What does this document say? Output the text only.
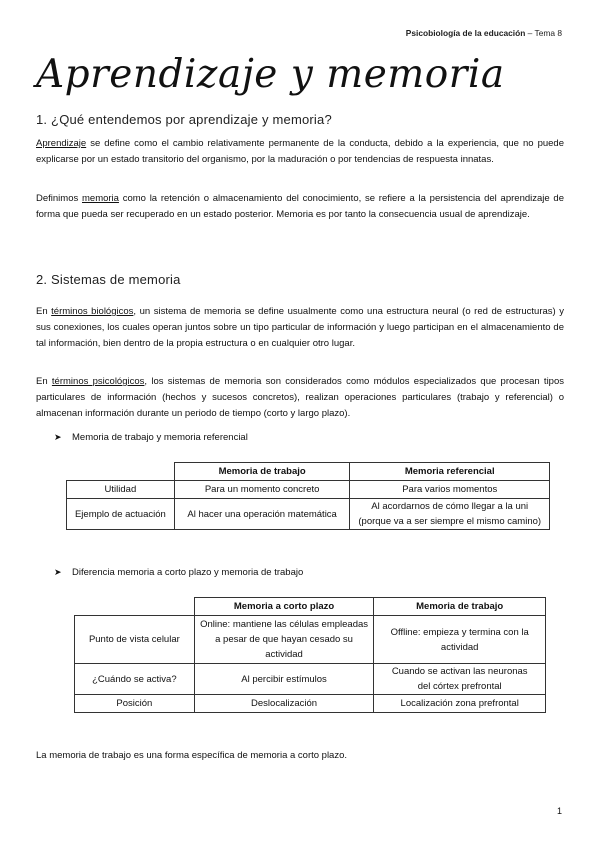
Psicobiología de la educación – Tema 8
Aprendizaje y memoria
1. ¿Qué entendemos por aprendizaje y memoria?

Aprendizaje se define como el cambio relativamente permanente de la conducta, debido a la experiencia, que no puede explicarse por un estado transitorio del organismo, por la maduración o por tendencias de respuesta innatas.

Definimos memoria como la retención o almacenamiento del conocimiento, se refiere a la persistencia del aprendizaje de forma que pueda ser recuperado en un estado posterior. Memoria es por tanto la consecuencia usual de aprendizaje.

2. Sistemas de memoria

En términos biológicos, un sistema de memoria se define usualmente como una estructura neural (o red de estructuras) y sus conexiones, los cuales operan juntos sobre un tipo particular de información y luego participan en el almacenamiento de tal información, bien dentro de la propia estructura o en cualquier otro lugar.

En términos psicológicos, los sistemas de memoria son considerados como módulos especializados que procesan tipos particulares de información (hechos y sucesos concretos), realizan operaciones particulares (trabajo y referencial) o almacenan información durante un periodo de tiempo (corto y largo plazo).

➤ Memoria de trabajo y memoria referencial
	Memoria de trabajo	Memoria referencial
Utilidad	Para un momento concreto	Para varios momentos
Ejemplo de actuación	Al hacer una operación matemática	Al acordarnos de cómo llegar a la uni (porque va a ser siempre el mismo camino)
➤ Diferencia memoria a corto plazo y memoria de trabajo
	Memoria a corto plazo	Memoria de trabajo
Punto de vista celular	Online: mantiene las células empleadas a pesar de que hayan cesado su actividad	Offline: empieza y termina con la actividad
¿Cuándo se activa?	Al percibir estímulos	Cuando se activan las neuronas del córtex prefrontal
Posición	Deslocalización	Localización zona prefrontal
La memoria de trabajo es una forma específica de memoria a corto plazo.
1
